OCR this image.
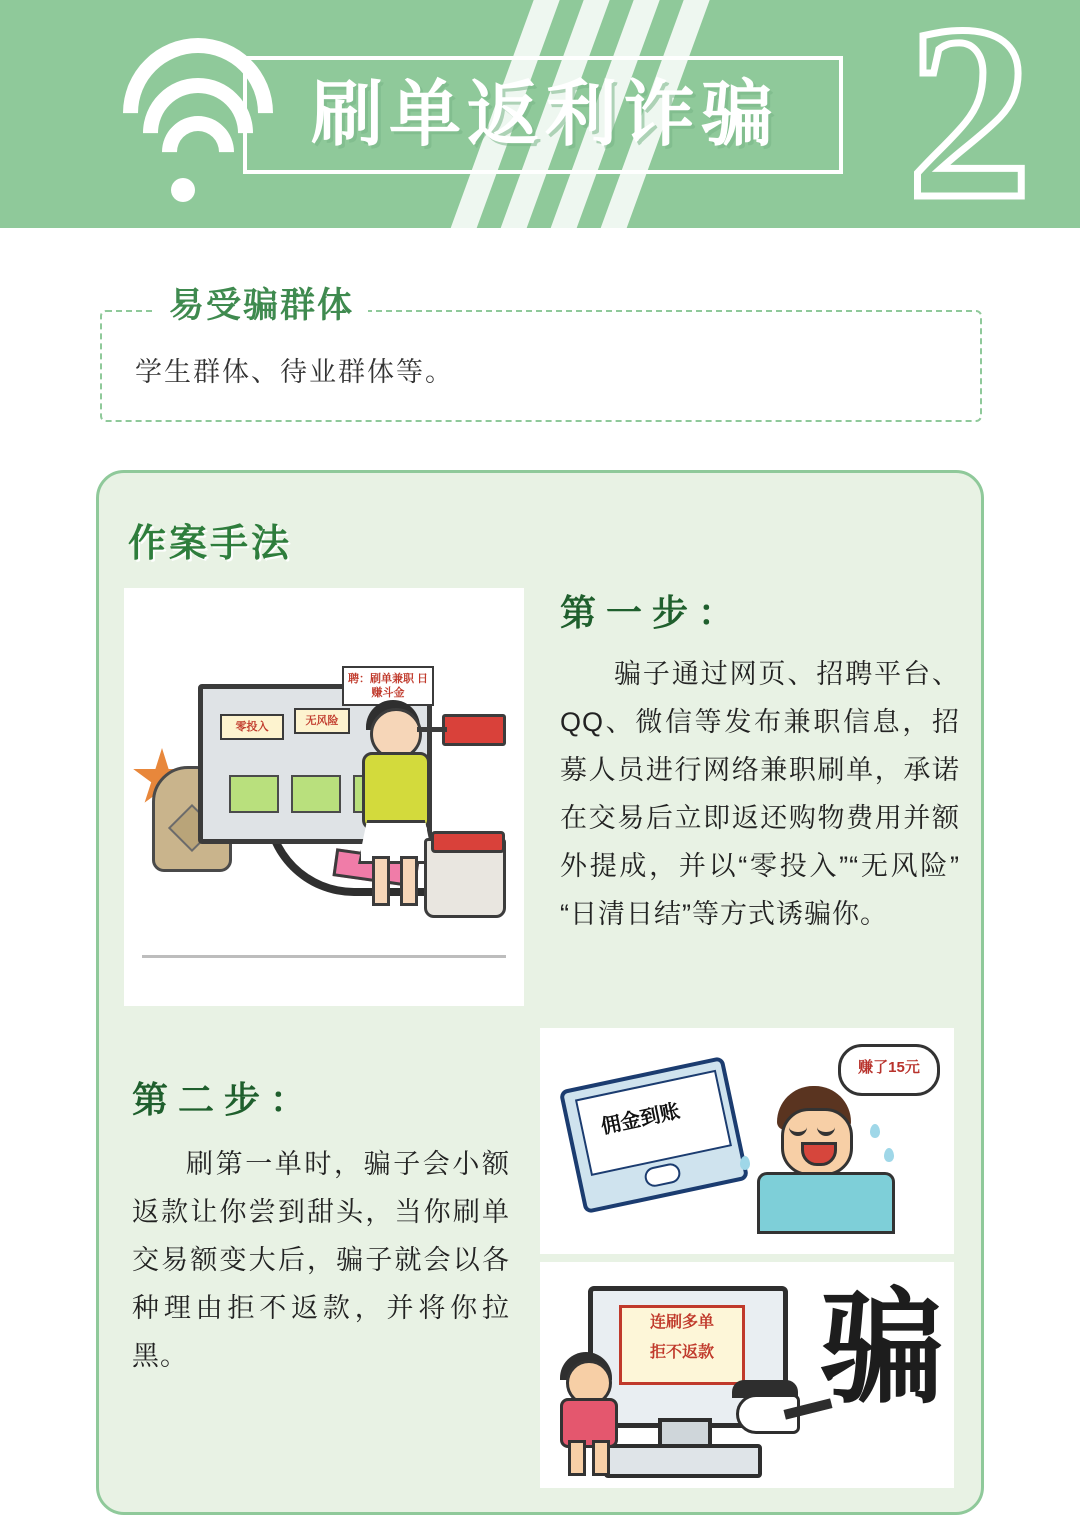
2
刷单返利诈骗
易受骗群体
学生群体、待业群体等。
作案手法
第一步：
骗子通过网页、招聘平台、QQ、微信等发布兼职信息，招募人员进行网络兼职刷单，承诺在交易后立即返还购物费用并额外提成，并以“零投入”“无风险”“日清日结”等方式诱骗你。
零投入	无风险
聘：刷单兼职 日赚斗金
第二步：
刷第一单时，骗子会小额返款让你尝到甜头，当你刷单交易额变大后，骗子就会以各种理由拒不返款，并将你拉黑。
佣金到账
赚了15元
连刷多单
拒不返款 骗
